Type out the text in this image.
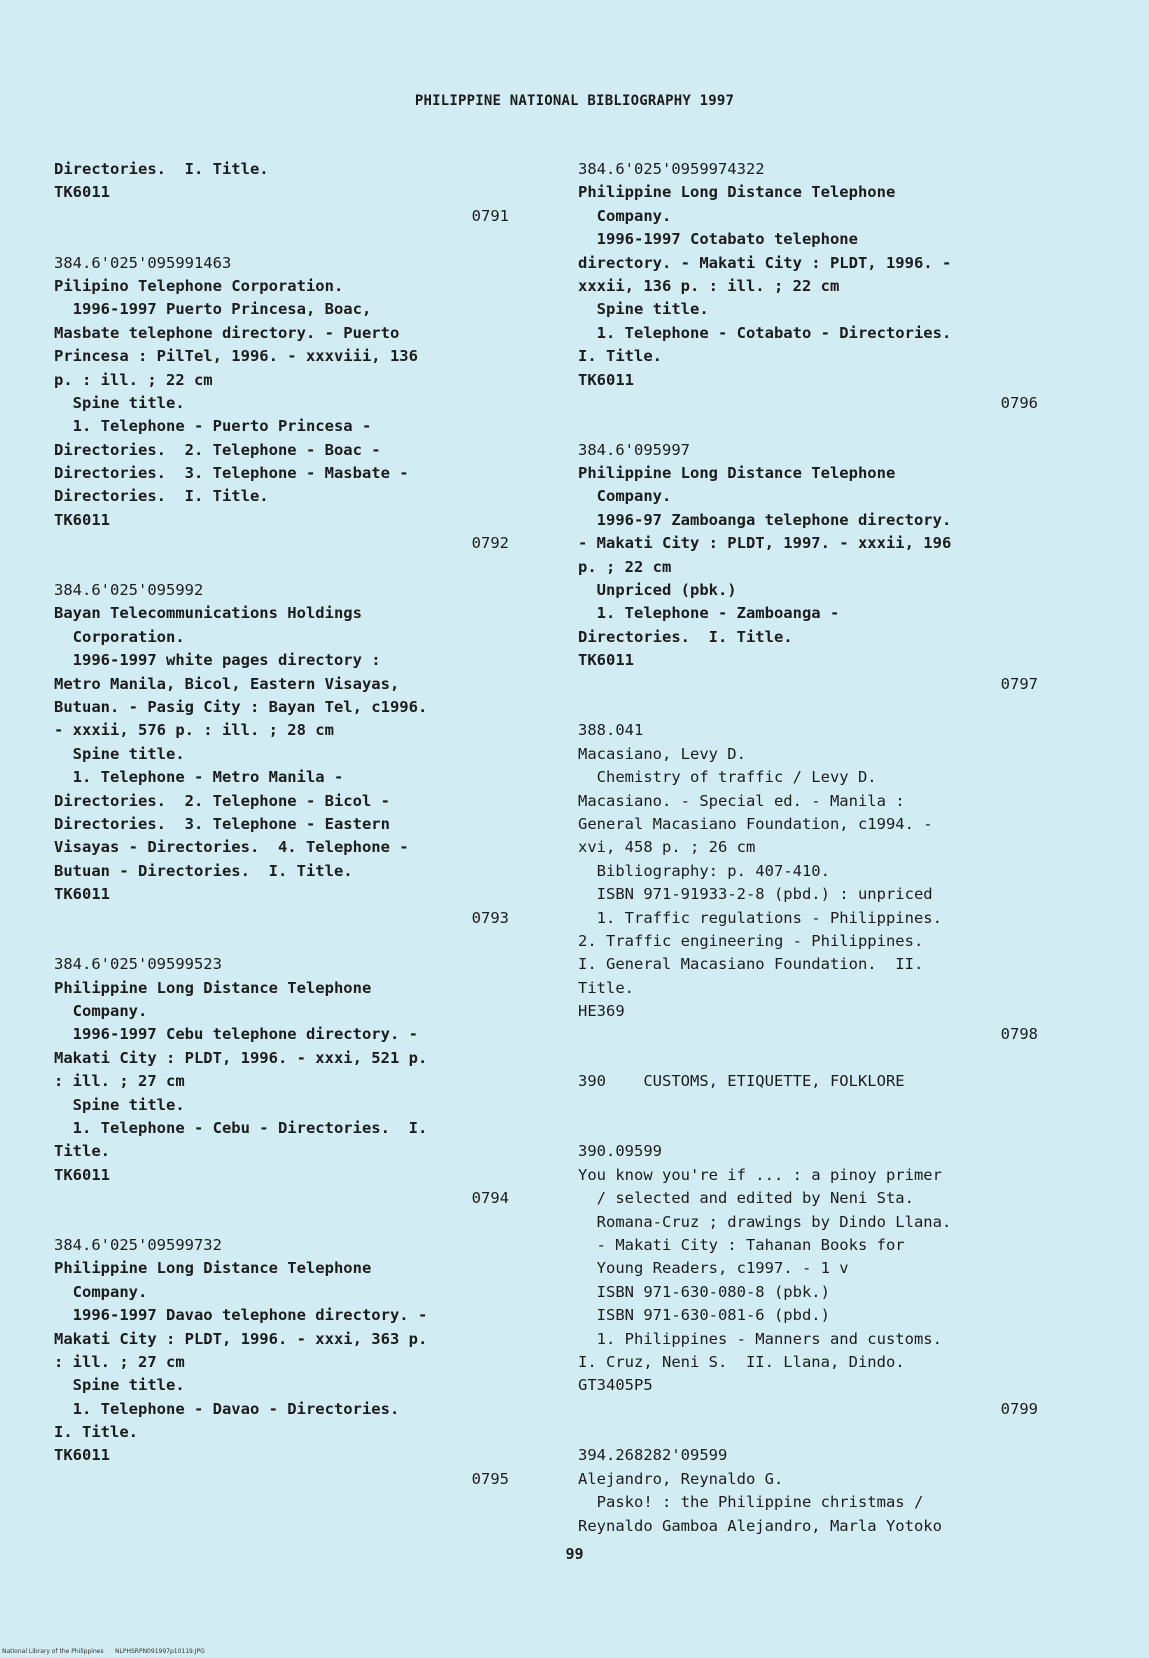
PHILIPPINE NATIONAL BIBLIOGRAPHY 1997
Directories.  I. Title.
TK6011
0791
384.6'025'095991463
Pilipino Telephone Corporation.
1996-1997 Puerto Princesa, Boac,
Masbate telephone directory. - Puerto
Princesa : PilTel, 1996. - xxxviii, 136
p. : ill. ; 22 cm
Spine title.
1. Telephone - Puerto Princesa -
Directories.  2. Telephone - Boac -
Directories.  3. Telephone - Masbate -
Directories.  I. Title.
TK6011
0792
384.6'025'095992
Bayan Telecommunications Holdings
Corporation.
1996-1997 white pages directory :
Metro Manila, Bicol, Eastern Visayas,
Butuan. - Pasig City : Bayan Tel, c1996.
- xxxii, 576 p. : ill. ; 28 cm
Spine title.
1. Telephone - Metro Manila -
Directories.  2. Telephone - Bicol -
Directories.  3. Telephone - Eastern
Visayas - Directories.  4. Telephone -
Butuan - Directories.  I. Title.
TK6011
0793
384.6'025'09599523
Philippine Long Distance Telephone
Company.
1996-1997 Cebu telephone directory. -
Makati City : PLDT, 1996. - xxxi, 521 p.
: ill. ; 27 cm
Spine title.
1. Telephone - Cebu - Directories.  I.
Title.
TK6011
0794
384.6'025'09599732
Philippine Long Distance Telephone
Company.
1996-1997 Davao telephone directory. -
Makati City : PLDT, 1996. - xxxi, 363 p.
: ill. ; 27 cm
Spine title.
1. Telephone - Davao - Directories.
I. Title.
TK6011
0795
384.6'025'0959974322
Philippine Long Distance Telephone
Company.
1996-1997 Cotabato telephone
directory. - Makati City : PLDT, 1996. -
xxxii, 136 p. : ill. ; 22 cm
Spine title.
1. Telephone - Cotabato - Directories.
I. Title.
TK6011
0796
384.6'095997
Philippine Long Distance Telephone
Company.
1996-97 Zamboanga telephone directory.
- Makati City : PLDT, 1997. - xxxii, 196
p. ; 22 cm
Unpriced (pbk.)
1. Telephone - Zamboanga -
Directories.  I. Title.
TK6011
0797
388.041
Macasiano, Levy D.
Chemistry of traffic / Levy D.
Macasiano. - Special ed. - Manila :
General Macasiano Foundation, c1994. -
xvi, 458 p. ; 26 cm
Bibliography: p. 407-410.
ISBN 971-91933-2-8 (pbd.) : unpriced
1. Traffic regulations - Philippines.
2. Traffic engineering - Philippines.
I. General Macasiano Foundation.  II.
Title.
HE369
0798
390    CUSTOMS, ETIQUETTE, FOLKLORE
390.09599
You know you're if ... : a pinoy primer
/ selected and edited by Neni Sta.
Romana-Cruz ; drawings by Dindo Llana.
- Makati City : Tahanan Books for
Young Readers, c1997. - 1 v
ISBN 971-630-080-8 (pbk.)
ISBN 971-630-081-6 (pbd.)
1. Philippines - Manners and customs.
I. Cruz, Neni S.  II. Llana, Dindo.
GT3405P5
0799
394.268282'09599
Alejandro, Reynaldo G.
Pasko! : the Philippine christmas /
Reynaldo Gamboa Alejandro, Marla Yotoko
99
National Library of the Philippines      NLPHSRPN091997p10119.JPG
